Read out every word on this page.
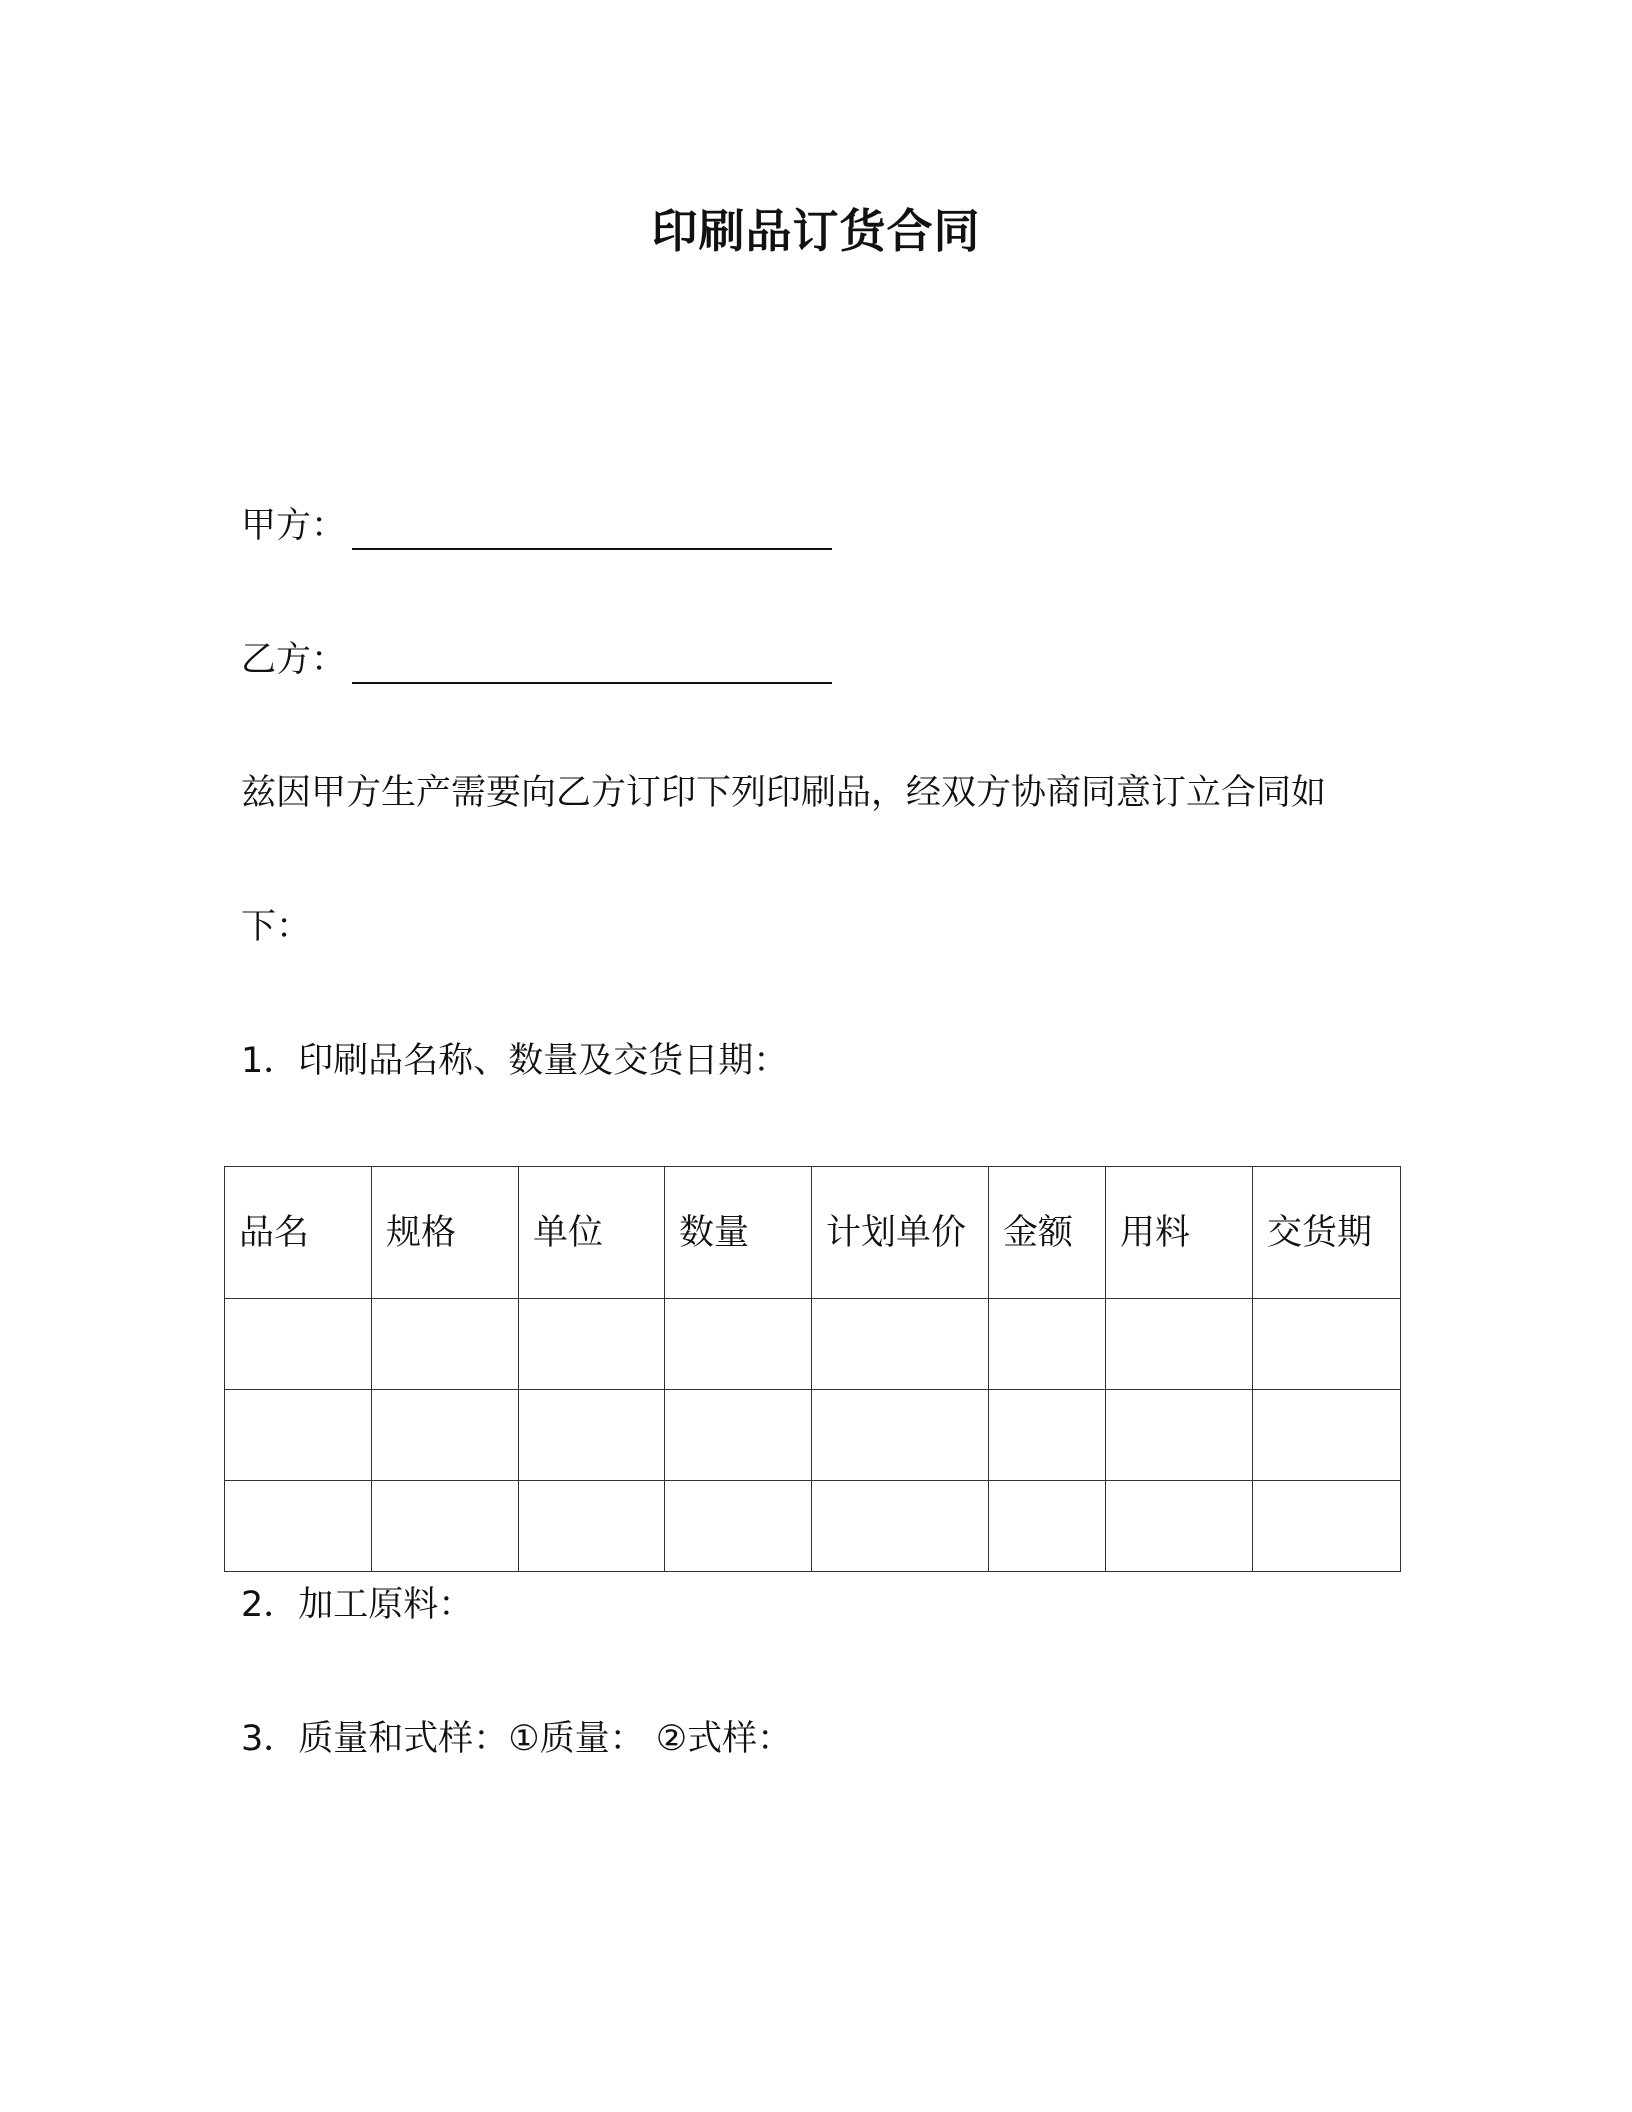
印刷品订货合同
甲方：
乙方：
兹因甲方生产需要向乙方订印下列印刷品，经双方协商同意订立合同如
下：
1．印刷品名称、数量及交货日期：
品名	规格	单位	数量	计划单价	金额	用料	交货期

2．加工原料：
3．质量和式样：①质量： ②式样：
